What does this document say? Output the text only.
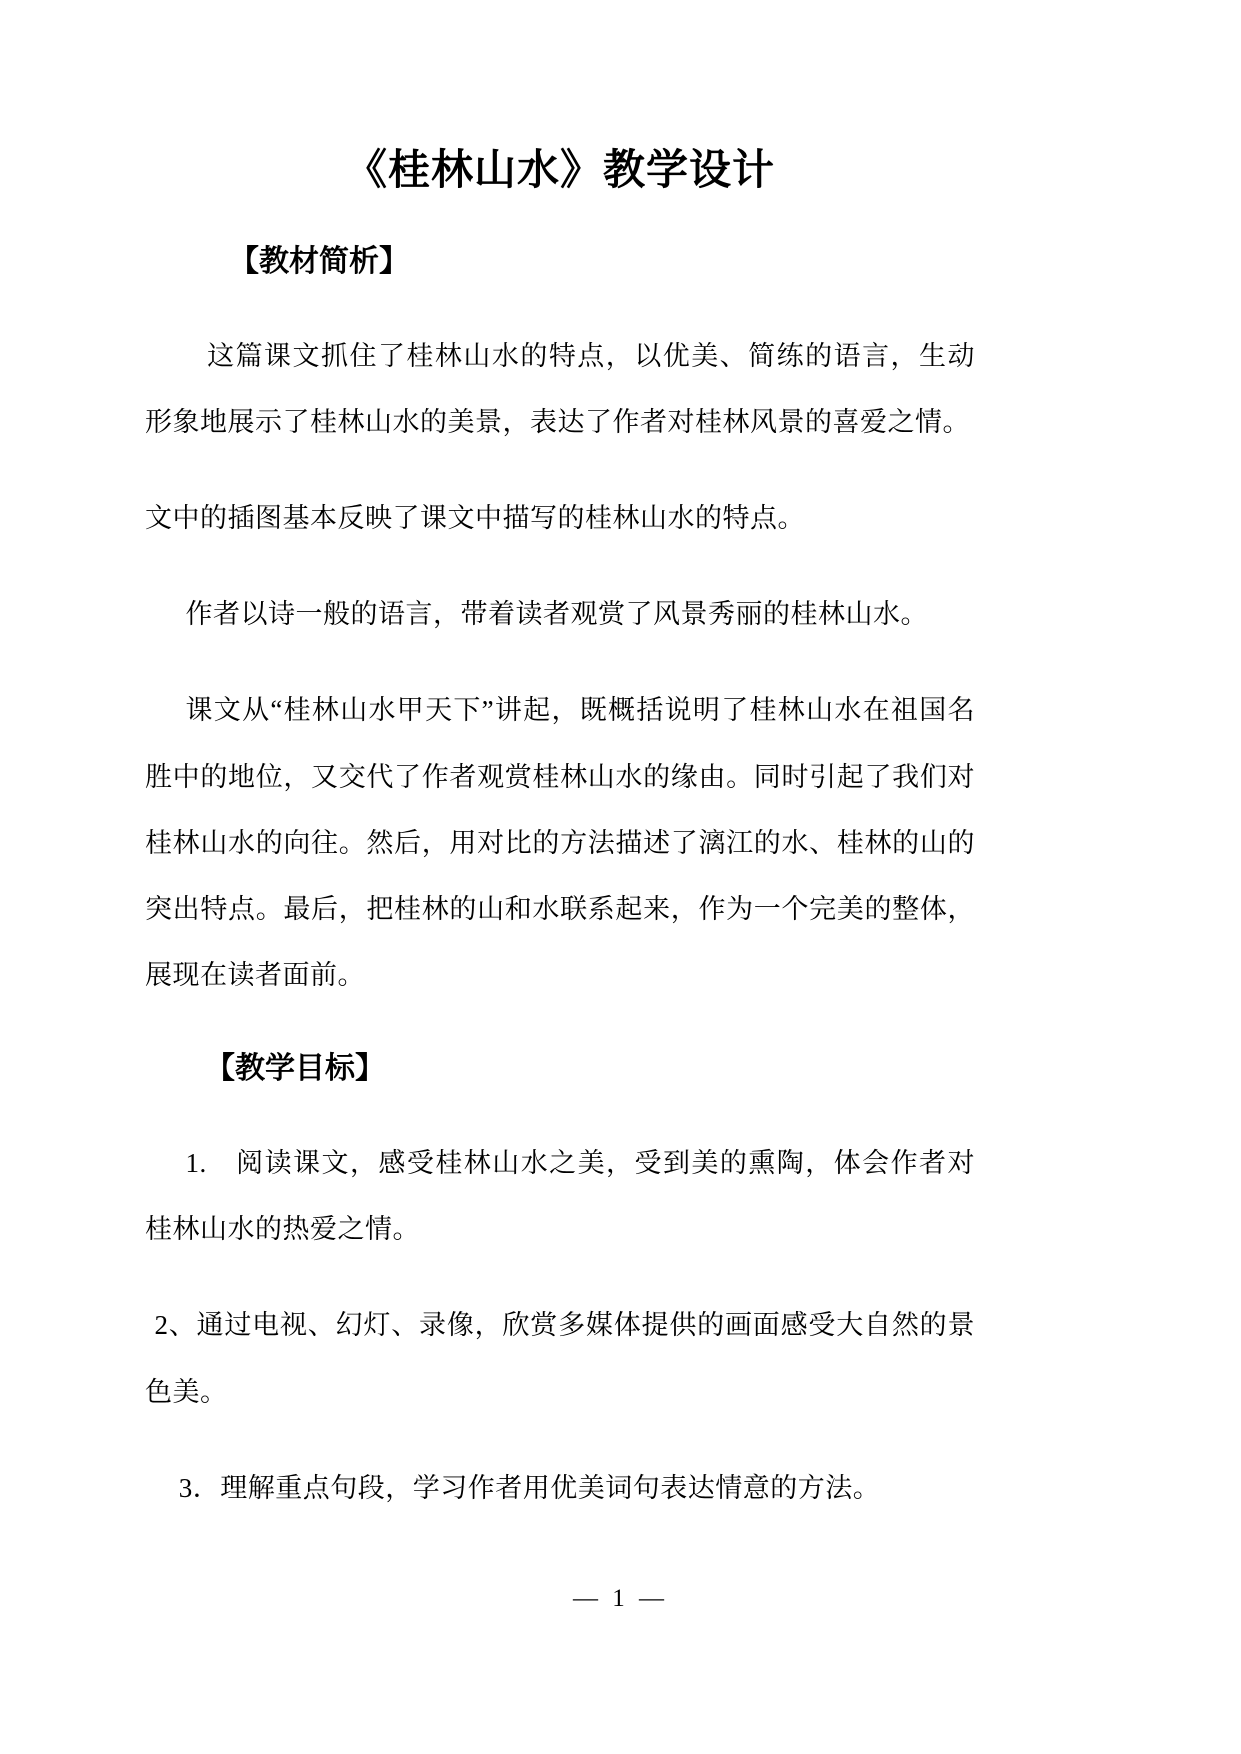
《桂林山水》教学设计
【教材简析】

这篇课文抓住了桂林山水的特点，以优美、简练的语言，生动形象地展示了桂林山水的美景，表达了作者对桂林风景的喜爱之情。

文中的插图基本反映了课文中描写的桂林山水的特点。

作者以诗一般的语言，带着读者观赏了风景秀丽的桂林山水。

课文从“桂林山水甲天下”讲起，既概括说明了桂林山水在祖国名胜中的地位，又交代了作者观赏桂林山水的缘由。同时引起了我们对桂林山水的向往。然后，用对比的方法描述了漓江的水、桂林的山的突出特点。最后，把桂林的山和水联系起来，作为一个完美的整体，展现在读者面前。

【教学目标】

1.　阅读课文，感受桂林山水之美，受到美的熏陶，体会作者对桂林山水的热爱之情。

2、通过电视、幻灯、录像，欣赏多媒体提供的画面感受大自然的景色美。

3．理解重点句段，学习作者用优美词句表达情意的方法。

— 1 —
